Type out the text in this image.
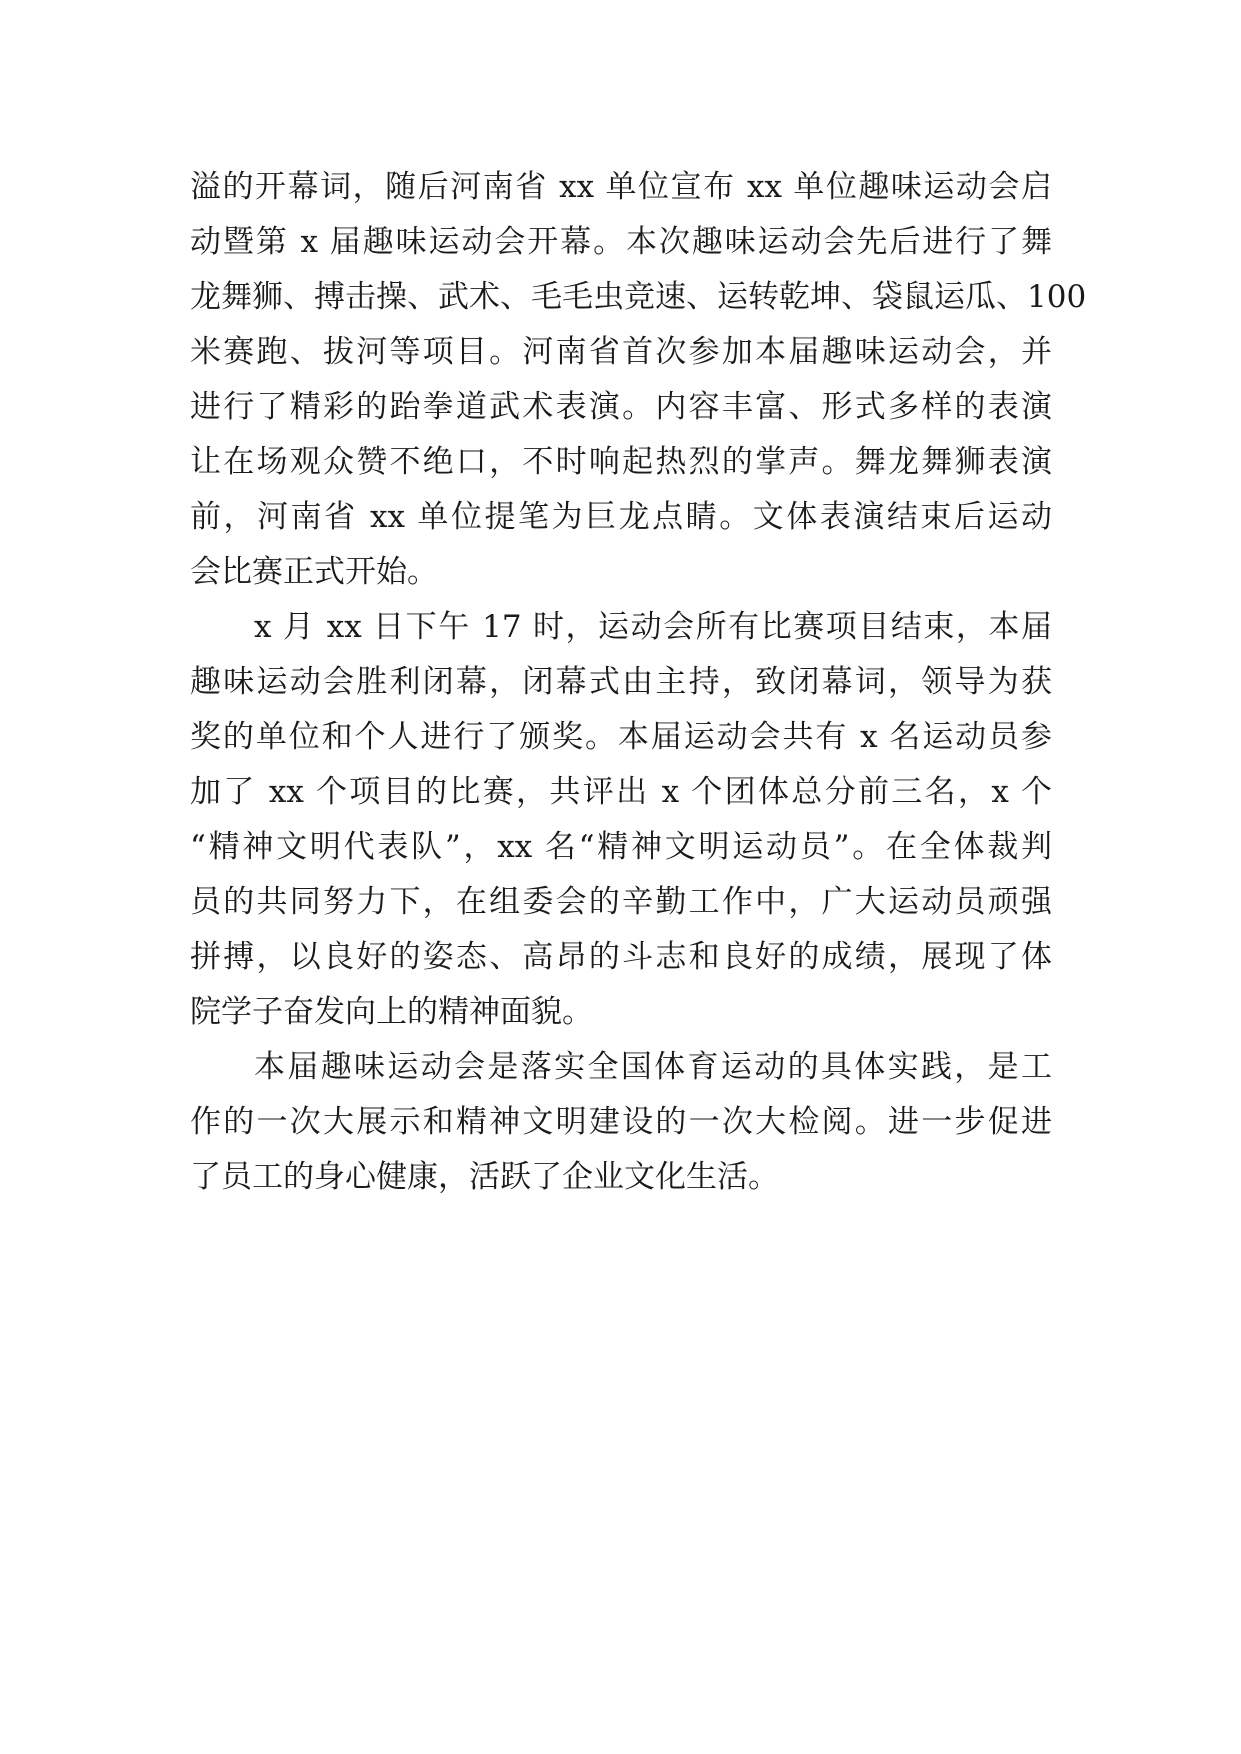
溢的开幕词，随后河南省 xx 单位宣布 xx 单位趣味运动会启
动暨第 x 届趣味运动会开幕。本次趣味运动会先后进行了舞
龙舞狮、搏击操、武术、毛毛虫竞速、运转乾坤、袋鼠运瓜、100
米赛跑、拔河等项目。河南省首次参加本届趣味运动会，并
进行了精彩的跆拳道武术表演。内容丰富、形式多样的表演
让在场观众赞不绝口，不时响起热烈的掌声。舞龙舞狮表演
前，河南省 xx 单位提笔为巨龙点睛。文体表演结束后运动
会比赛正式开始。
x 月 xx 日下午 17 时，运动会所有比赛项目结束，本届
趣味运动会胜利闭幕，闭幕式由主持，致闭幕词，领导为获
奖的单位和个人进行了颁奖。本届运动会共有 x 名运动员参
加了 xx 个项目的比赛，共评出 x 个团体总分前三名，x 个
“精神文明代表队”，xx 名“精神文明运动员”。在全体裁判
员的共同努力下，在组委会的辛勤工作中，广大运动员顽强
拼搏，以良好的姿态、高昂的斗志和良好的成绩，展现了体
院学子奋发向上的精神面貌。
本届趣味运动会是落实全国体育运动的具体实践，是工
作的一次大展示和精神文明建设的一次大检阅。进一步促进
了员工的身心健康，活跃了企业文化生活。
